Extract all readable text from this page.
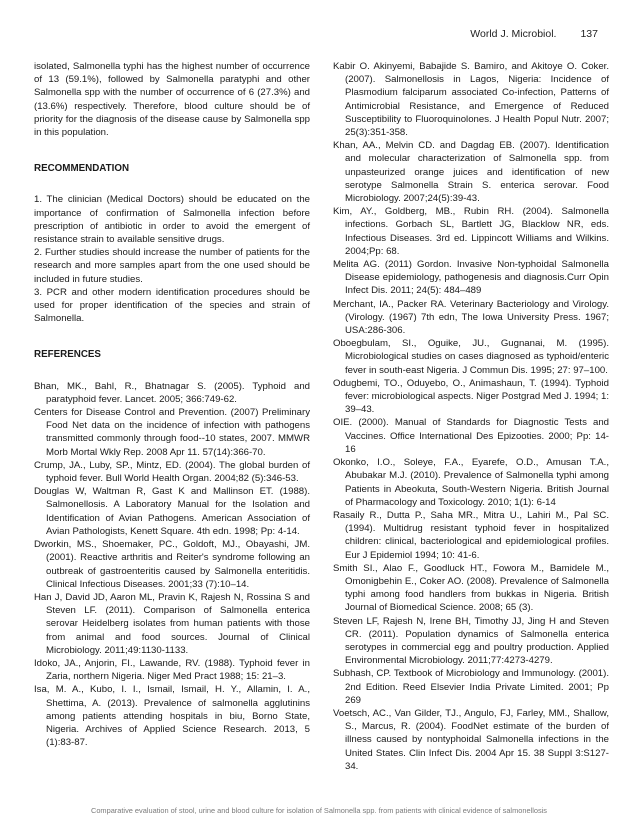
World J. Microbiol. 137

isolated, Salmonella typhi has the highest number of occurrence of 13 (59.1%), followed by Salmonella paratyphi and other Salmonella spp with the number of occurrence of 6 (27.3%) and (13.6%) respectively. Therefore, blood culture should be of priority for the diagnosis of the disease cause by Salmonella spp in this population.

RECOMMENDATION

1. The clinician (Medical Doctors) should be educated on the importance of confirmation of Salmonella infection before prescription of antibiotic in order to avoid the emergent of resistance strain to available sensitive drugs.

2. Further studies should increase the number of patients for the research and more samples apart from the one used should be included in future studies.

3. PCR and other modern identification procedures should be used for proper identification of the species and strain of Salmonella.

REFERENCES

Bhan, MK., Bahl, R., Bhatnagar S. (2005). Typhoid and paratyphoid fever. Lancet. 2005; 366:749-62.

Centers for Disease Control and Prevention. (2007) Preliminary Food Net data on the incidence of infection with pathogens transmitted commonly through food--10 states, 2007. MMWR Morb Mortal Wkly Rep. 2008 Apr 11. 57(14):366-70.

Crump, JA., Luby, SP., Mintz, ED. (2004). The global burden of typhoid fever. Bull World Health Organ. 2004;82 (5):346-53.

Douglas W, Waltman R, Gast K and Mallinson ET. (1988). Salmonellosis. A Laboratory Manual for the Isolation and Identification of Avian Pathogens. American Association of Avian Pathologists, Kenett Square. 4th edn. 1998; Pp: 4-14.

Dworkin, MS., Shoemaker, PC., Goldoft, MJ., Obayashi, JM. (2001). Reactive arthritis and Reiter's syndrome following an outbreak of gastroenteritis caused by Salmonella enteritidis. Clinical Infectious Diseases. 2001;33 (7):10–14.

Han J, David JD, Aaron ML, Pravin K, Rajesh N, Rossina S and Steven LF. (2011). Comparison of Salmonella enterica serovar Heidelberg isolates from human patients with those from animal and food sources. Journal of Clinical Microbiology. 2011;49:1130-1133.

Idoko, JA., Anjorin, FI., Lawande, RV. (1988). Typhoid fever in Zaria, northern Nigeria. Niger Med Pract 1988; 15: 21–3.

Isa, M. A., Kubo, I. I., Ismail, Ismail, H. Y., Allamin, I. A., Shettima, A. (2013). Prevalence of salmonella agglutinins among patients attending hospitals in biu, Borno State, Nigeria. Archives of Applied Science Research. 2013, 5 (1):83-87.

Kabir O. Akinyemi, Babajide S. Bamiro, and Akitoye O. Coker. (2007). Salmonellosis in Lagos, Nigeria: Incidence of Plasmodium falciparum associated Co-infection, Patterns of Antimicrobial Resistance, and Emergence of Reduced Susceptibility to Fluoroquinolones. J Health Popul Nutr. 2007; 25(3):351-358.

Khan, AA., Melvin CD. and Dagdag EB. (2007). Identification and molecular characterization of Salmonella spp. from unpasteurized orange juices and identification of new serotype Salmonella Strain S. enterica serovar. Food Microbiology. 2007;24(5):39-43.

Kim, AY., Goldberg, MB., Rubin RH. (2004). Salmonella infections. Gorbach SL, Bartlett JG, Blacklow NR, eds. Infectious Diseases. 3rd ed. Lippincott Williams and Wilkins. 2004;Pp: 68.

Melita AG. (2011) Gordon. Invasive Non-typhoidal Salmonella Disease epidemiology, pathogenesis and diagnosis.Curr Opin Infect Dis. 2011; 24(5): 484–489

Merchant, IA., Packer RA. Veterinary Bacteriology and Virology. (Virology. (1967) 7th edn, The Iowa University Press. 1967; USA:286-306.

Oboegbulam, SI., Oguike, JU., Gugnanai, M. (1995). Microbiological studies on cases diagnosed as typhoid/enteric fever in south-east Nigeria. J Commun Dis. 1995; 27: 97–100.

Odugbemi, TO., Oduyebo, O., Animashaun, T. (1994). Typhoid fever: microbiological aspects. Niger Postgrad Med J. 1994; 1: 39–43.

OIE. (2000). Manual of Standards for Diagnostic Tests and Vaccines. Office International Des Epizooties. 2000; Pp: 14-16

Okonko, I.O., Soleye, F.A., Eyarefe, O.D., Amusan T.A., Abubakar M.J. (2010). Prevalence of Salmonella typhi among Patients in Abeokuta, South-Western Nigeria. British Journal of Pharmacology and Toxicology. 2010; 1(1): 6-14

Rasaily R., Dutta P., Saha MR., Mitra U., Lahiri M., Pal SC. (1994). Multidrug resistant typhoid fever in hospitalized children: clinical, bacteriological and epidemiological profiles. Eur J Epidemiol 1994; 10: 41-6.

Smith SI., Alao F., Goodluck HT., Fowora M., Bamidele M., Omonigbehin E., Coker AO. (2008). Prevalence of Salmonella typhi among food handlers from bukkas in Nigeria. British Journal of Biomedical Science. 2008; 65 (3).

Steven LF, Rajesh N, Irene BH, Timothy JJ, Jing H and Steven CR. (2011). Population dynamics of Salmonella enterica serotypes in commercial egg and poultry production. Applied Environmental Microbiology. 2011;77:4273-4279.

Subhash, CP. Textbook of Microbiology and Immunology. (2001). 2nd Edition. Reed Elsevier India Private Limited. 2001; Pp 269

Voetsch, AC., Van Gilder, TJ., Angulo, FJ, Farley, MM., Shallow, S., Marcus, R. (2004). FoodNet estimate of the burden of illness caused by nontyphoidal Salmonella infections in the United States. Clin Infect Dis. 2004 Apr 15. 38 Suppl 3:S127-34.

Comparative evaluation of stool, urine and blood culture for isolation of Salmonella spp. from patients with clinical evidence of salmonellosis
